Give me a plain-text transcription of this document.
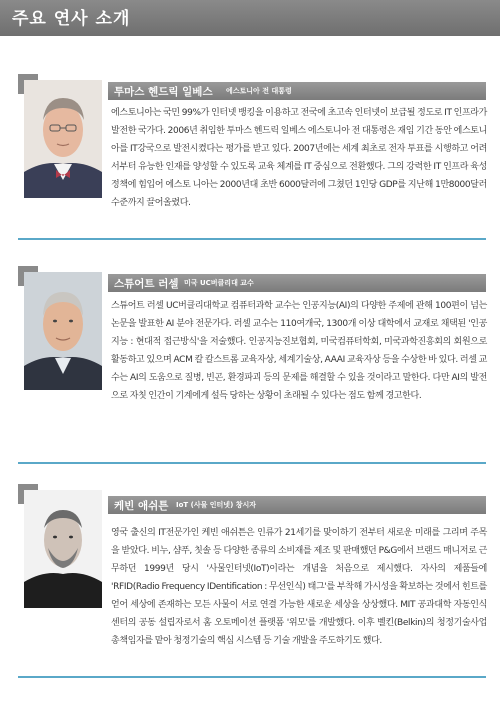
주요 연사 소개
투마스 헨드릭 일베스 에스토니아 전 대통령
에스토니아는 국민 99%가 인터넷 뱅킹을 이용하고 전국에 초고속 인터넷이 보급될 정도로 IT 인프라가 발전한 국가다. 2006년 취임한 투마스 헨드릭 일베스 에스토니아 전 대통령은 재임 기간 동안 에스토니아를 IT강국으로 발전시켰다는 평가를 받고 있다. 2007년에는 세계 최초로 전자 투표를 시행하고 어려서부터 유능한 인재를 양성할 수 있도록 교육 체계를 IT 중심으로 전환했다. 그의 강력한 IT 인프라 육성 정책에 힘입어 에스토 니아는 2000년대 초반 6000달러에 그쳤던 1인당 GDP를 지난해 1만8000달러 수준까지 끌어올렸다.
스튜어트 러셀 미국 UC버클리대 교수
스튜어트 러셀 UC버클리대학교 컴퓨터과학 교수는 인공지능(AI)의 다양한 주제에 관해 100편이 넘는 논문을 발표한 AI 분야 전문가다. 러셀 교수는 110여개국, 1300개 이상 대학에서 교재로 채택된 '인공지능 : 현대적 접근방식'을 저술했다. 인공지능진보협회, 미국컴퓨터학회, 미국과학진흥회의 회원으로 활동하고 있으며 ACM 칼 칼스트롬 교육자상, 세계기술상, AAAI 교육자상 등을 수상한 바 있다. 러셀 교수는 AI의 도움으로 질병, 빈곤, 환경파괴 등의 문제를 해결할 수 있을 것이라고 말한다. 다만 AI의 발전으로 자칫 인간이 기계에게 설득 당하는 상황이 초래될 수 있다는 점도 함께 경고한다.
케빈 애쉬튼 IoT (사물 인터넷) 창시자
영국 출신의 IT전문가인 케빈 애쉬튼은 인류가 21세기를 맞이하기 전부터 새로운 미래를 그리며 주목을 받았다. 비누, 샴푸, 칫솔 등 다양한 종류의 소비재를 제조 및 판매했던 P&G에서 브랜드 매니저로 근무하던 1999년 당시 '사물인터넷(IoT)이라는 개념을 처음으로 제시했다. 자사의 제품들에 'RFID(Radio Frequency IDentification : 무선인식) 태그'를 부착해 가시성을 확보하는 것에서 힌트를 얻어 세상에 존재하는 모든 사물이 서로 연결 가능한 새로운 세상을 상상했다. MIT 공과대학 자동인식센터의 공동 설립자로서 홈 오토메이션 플랫폼 '위모'를 개발했다. 이후 벨킨(Belkin)의 청정기술사업 총책임자를 맡아 청정기술의 핵심 시스템 등 기술 개발을 주도하기도 했다.
